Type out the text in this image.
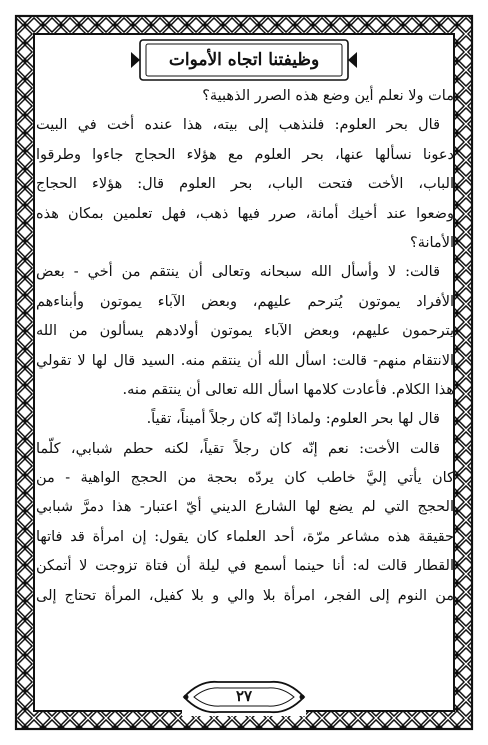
وظيفتنا اتجاه الأموات
مات ولا نعلم أين وضع هذه الصرر الذهبية؟
قال بحر العلوم: فلنذهب إلى بيته، هذا عنده أخت في البيت
دعونا نسألها عنها، بحر العلوم مع هؤلاء الحجاج جاءوا وطرقوا
الباب، الأخت فتحت الباب، بحر العلوم قال: هؤلاء الحجاج
وضعوا عند أخيك أمانة، صرر فيها ذهب، فهل تعلمين بمكان هذه
الأمانة؟
قالت: لا وأسأل الله سبحانه وتعالى أن ينتقم من أخي - بعض
الأفراد يموتون يُترحم عليهم، وبعض الآباء يموتون وأبناءهم
يترحمون عليهم، وبعض الآباء يموتون أولادهم يسألون من الله
الانتقام منهم- قالت: اسأل الله أن ينتقم منه. السيد قال لها لا تقولي
هذا الكلام. فأعادت كلامها اسأل الله تعالى أن ينتقم منه.
قال لها بحر العلوم: ولماذا إنّه كان رجلاً أميناً، تقياً.
قالت الأخت: نعم إنّه كان رجلاً تقياً، لكنه حطم شبابي، كلّما
كان يأتي إليَّ خاطب كان يردّه بحجة من الحجج الواهية - من
الحجج التي لم يضع لها الشارع الديني أيّ اعتبار- هذا دمرَّ شبابي
حقيقة هذه مشاعر مرّة، أحد العلماء كان يقول: إن امرأة قد فاتها
القطار قالت له: أنا حينما أسمع في ليلة أن فتاة تزوجت لا أتمكن
من النوم إلى الفجر، امرأة بلا والي و بلا كفيل، المرأة تحتاج إلى
٢٧
